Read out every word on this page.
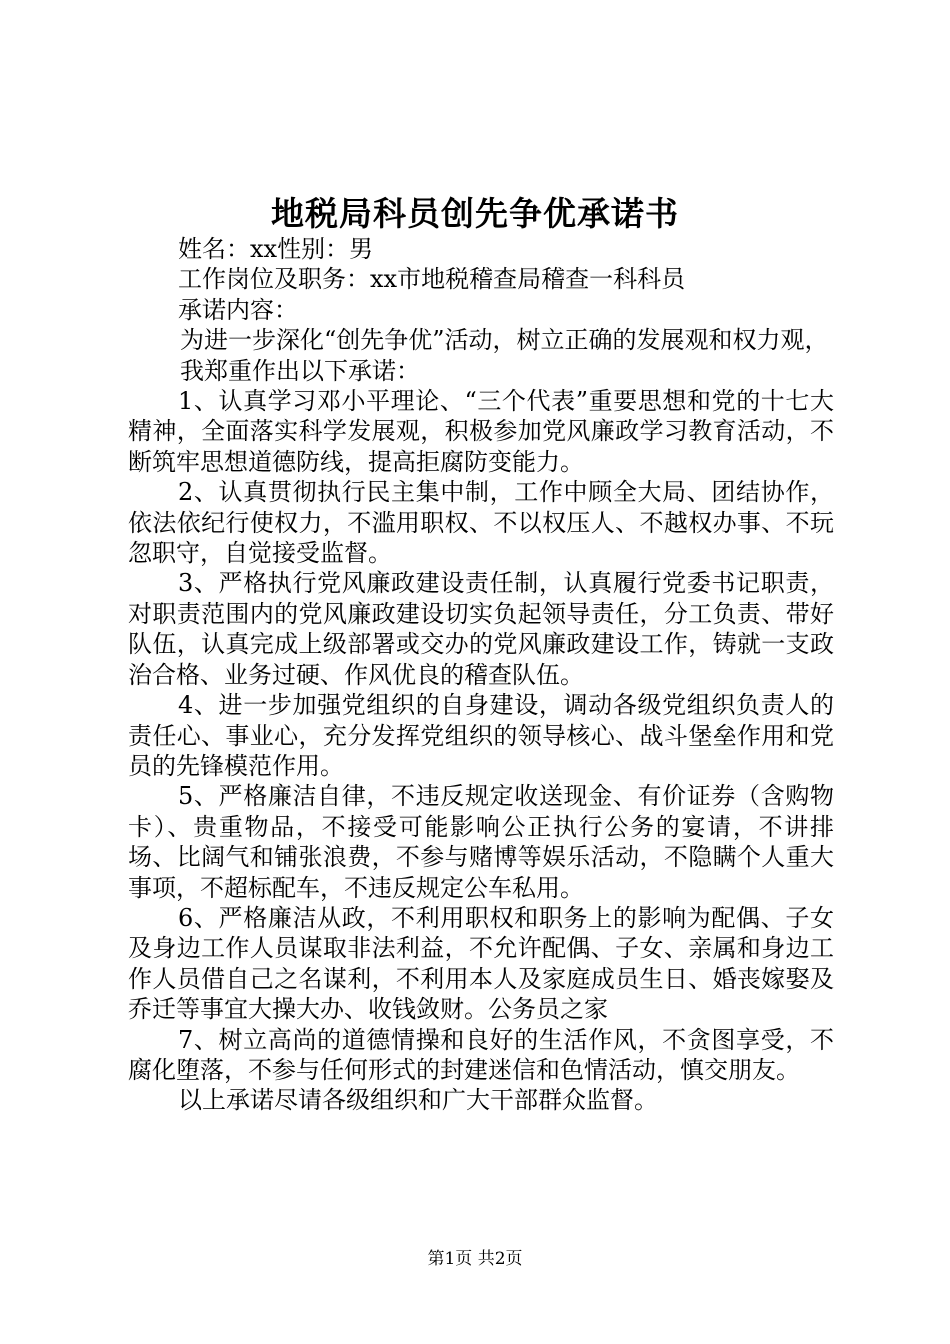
地税局科员创先争优承诺书

姓名：xx性别：男

工作岗位及职务：xx市地税稽查局稽查一科科员

承诺内容：

为进一步深化“创先争优”活动，树立正确的发展观和权力观，

我郑重作出以下承诺：

1、认真学习邓小平理论、“三个代表”重要思想和党的十七大精神，全面落实科学发展观，积极参加党风廉政学习教育活动，不断筑牢思想道德防线，提高拒腐防变能力。

2、认真贯彻执行民主集中制，工作中顾全大局、团结协作，依法依纪行使权力，不滥用职权、不以权压人、不越权办事、不玩忽职守，自觉接受监督。

3、严格执行党风廉政建设责任制，认真履行党委书记职责，对职责范围内的党风廉政建设切实负起领导责任，分工负责、带好队伍，认真完成上级部署或交办的党风廉政建设工作，铸就一支政治合格、业务过硬、作风优良的稽查队伍。

4、进一步加强党组织的自身建设，调动各级党组织负责人的责任心、事业心，充分发挥党组织的领导核心、战斗堡垒作用和党员的先锋模范作用。

5、严格廉洁自律，不违反规定收送现金、有价证券（含购物卡）、贵重物品，不接受可能影响公正执行公务的宴请，不讲排场、比阔气和铺张浪费，不参与赌博等娱乐活动，不隐瞒个人重大事项，不超标配车，不违反规定公车私用。

6、严格廉洁从政，不利用职权和职务上的影响为配偶、子女及身边工作人员谋取非法利益，不允许配偶、子女、亲属和身边工作人员借自己之名谋利，不利用本人及家庭成员生日、婚丧嫁娶及乔迁等事宜大操大办、收钱敛财。公务员之家

7、树立高尚的道德情操和良好的生活作风，不贪图享受，不腐化堕落，不参与任何形式的封建迷信和色情活动，慎交朋友。

以上承诺尽请各级组织和广大干部群众监督。

第1页 共2页
